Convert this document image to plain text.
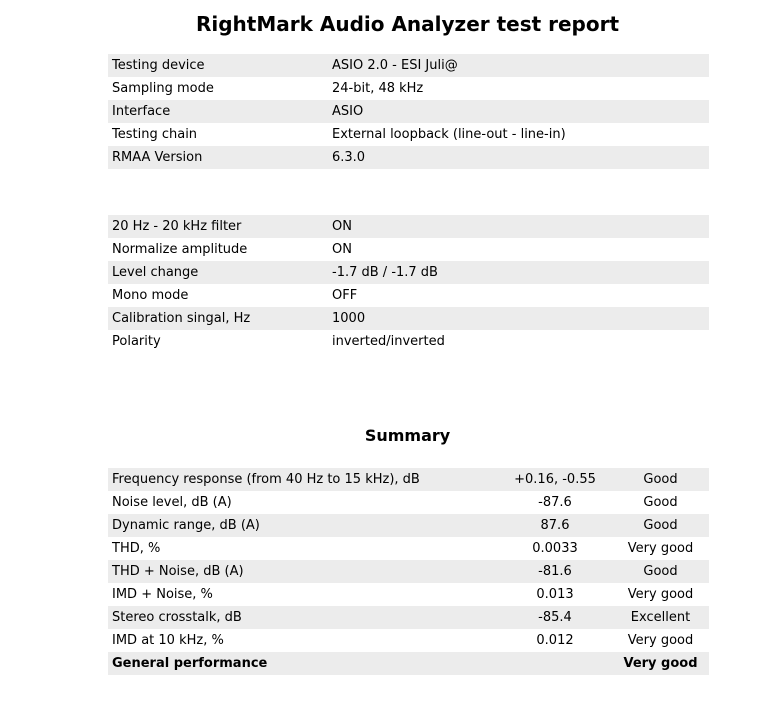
RightMark Audio Analyzer test report
Testing device	ASIO 2.0 - ESI Juli@
Sampling mode	24-bit, 48 kHz
Interface	ASIO
Testing chain	External loopback (line-out - line-in)
RMAA Version	6.3.0
20 Hz - 20 kHz filter	ON
Normalize amplitude	ON
Level change	-1.7 dB / -1.7 dB
Mono mode	OFF
Calibration singal, Hz	1000
Polarity	inverted/inverted
Summary
Frequency response (from 40 Hz to 15 kHz), dB	+0.16, -0.55	Good
Noise level, dB (A)	-87.6	Good
Dynamic range, dB (A)	87.6	Good
THD, %	0.0033	Very good
THD + Noise, dB (A)	-81.6	Good
IMD + Noise, %	0.013	Very good
Stereo crosstalk, dB	-85.4	Excellent
IMD at 10 kHz, %	0.012	Very good
General performance		Very good
